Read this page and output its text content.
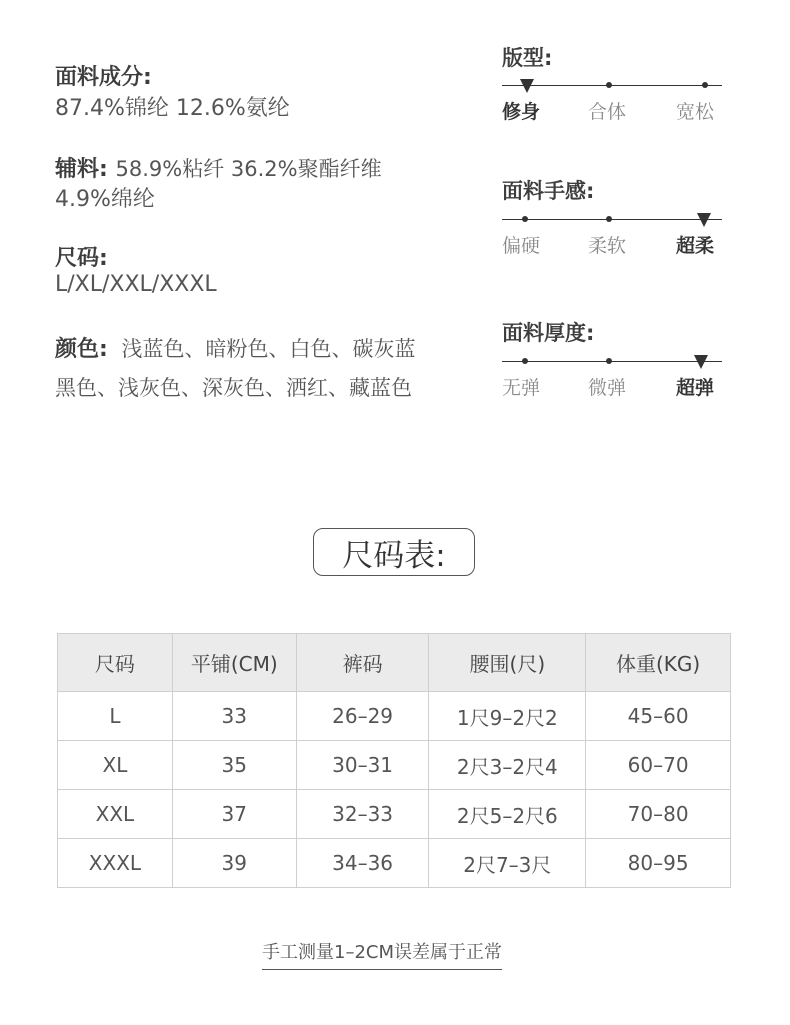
面料成分:
87.4%锦纶 12.6%氨纶
辅料: 58.9%粘纤 36.2%聚酯纤维
4.9%绵纶
尺码:
L/XL/XXL/XXXL
颜色: 浅蓝色、暗粉色、白色、碳灰蓝
黑色、浅灰色、深灰色、洒红、藏蓝色
版型:
修身	合体	宽松
面料手感:
偏硬	柔软	超柔
面料厚度:
无弹	微弹	超弹
尺码表:
尺码	平铺(CM)	裤码	腰围(尺)	体重(KG)
L	33	26–29	1尺9–2尺2	45–60
XL	35	30–31	2尺3–2尺4	60–70
XXL	37	32–33	2尺5–2尺6	70–80
XXXL	39	34–36	2尺7–3尺	80–95
手工测量1–2CM误差属于正常
